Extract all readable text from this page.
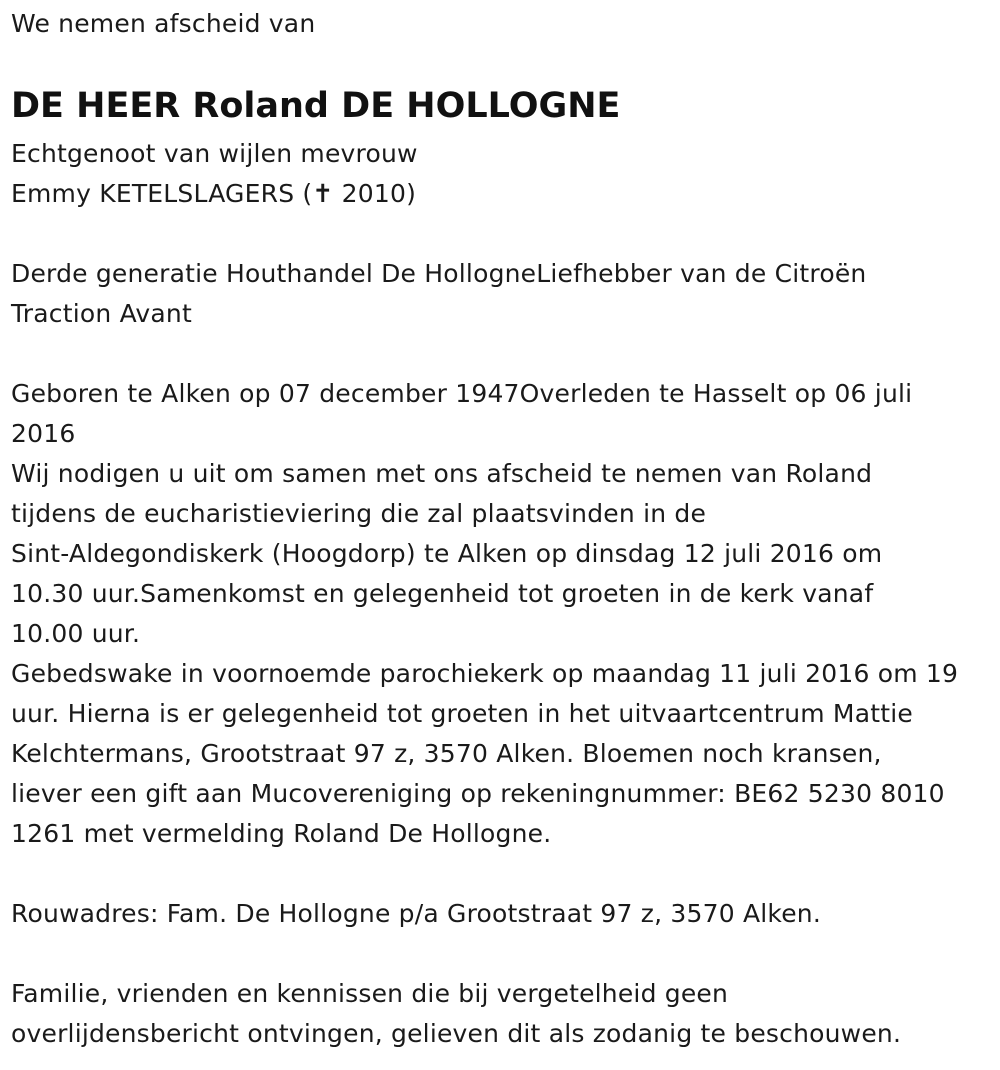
We nemen afscheid van
DE HEER Roland DE HOLLOGNE
Echtgenoot van wijlen mevrouw
Emmy KETELSLAGERS (✝ 2010)
Derde generatie Houthandel De HollogneLiefhebber van de Citroën
Traction Avant
Geboren te Alken op 07 december 1947Overleden te Hasselt op 06 juli
2016
Wij nodigen u uit om samen met ons afscheid te nemen van Roland
tijdens de eucharistieviering die zal plaatsvinden in de
Sint-Aldegondiskerk (Hoogdorp) te Alken op dinsdag 12 juli 2016 om
10.30 uur.Samenkomst en gelegenheid tot groeten in de kerk vanaf
10.00 uur.
Gebedswake in voornoemde parochiekerk op maandag 11 juli 2016 om 19
uur. Hierna is er gelegenheid tot groeten in het uitvaartcentrum Mattie
Kelchtermans, Grootstraat 97 z, 3570 Alken. Bloemen noch kransen,
liever een gift aan Mucovereniging op rekeningnummer: BE62 5230 8010
1261 met vermelding Roland De Hollogne.
Rouwadres: Fam. De Hollogne p/a Grootstraat 97 z, 3570 Alken.
Familie, vrienden en kennissen die bij vergetelheid geen
overlijdensbericht ontvingen, gelieven dit als zodanig te beschouwen.
